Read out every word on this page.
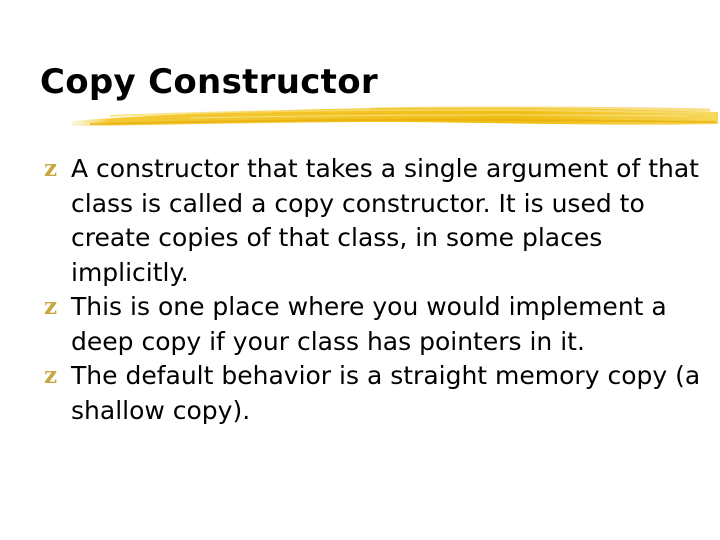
Copy Constructor
z A constructor that takes a single argument of that class is called a copy constructor. It is used to create copies of that class, in some places implicitly.
z This is one place where you would implement a deep copy if your class has pointers in it.
z The default behavior is a straight memory copy (a shallow copy).
